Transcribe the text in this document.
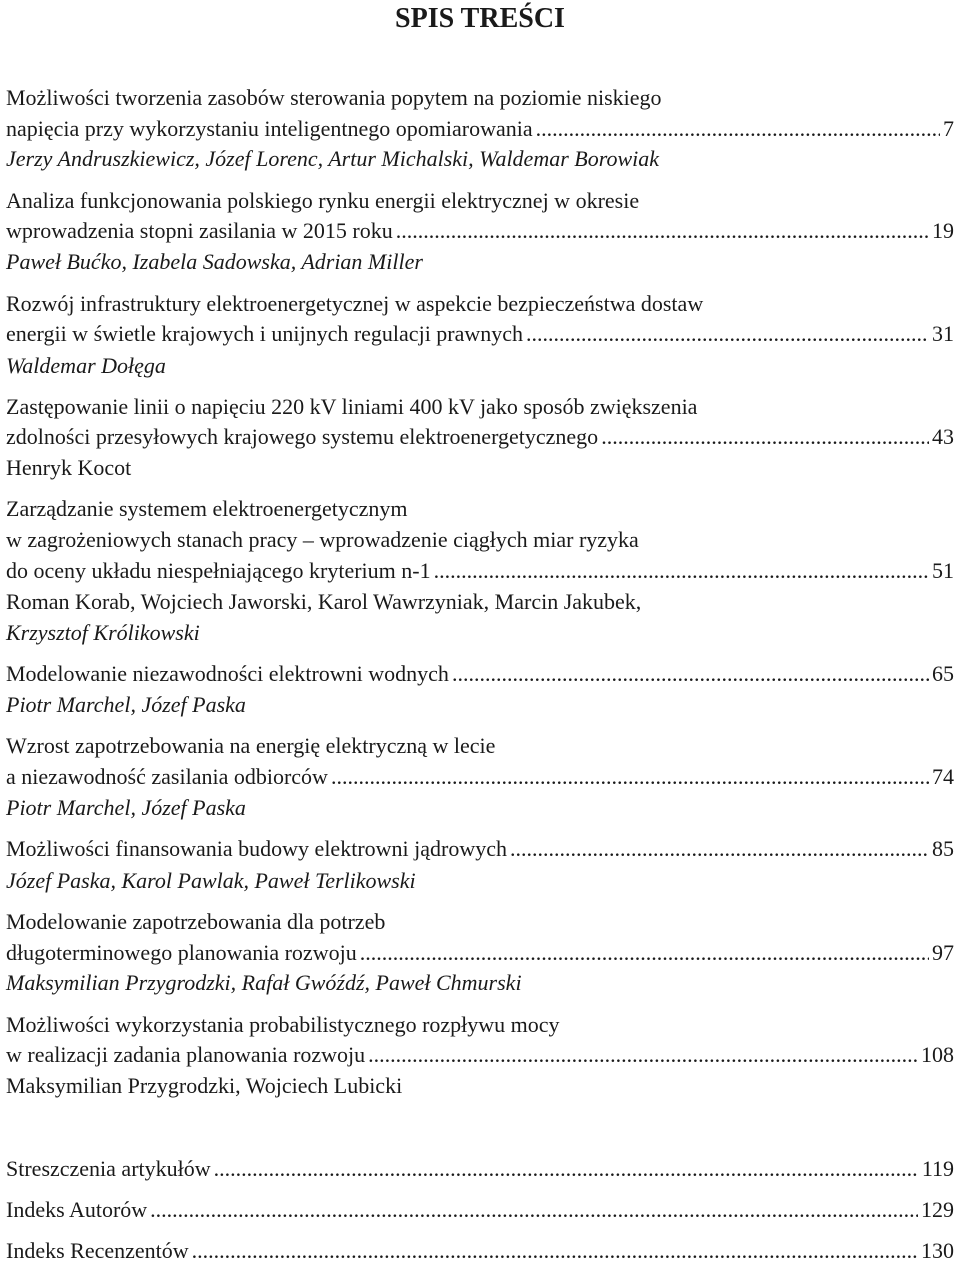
SPIS TREŚCI
Możliwości tworzenia zasobów sterowania popytem na poziomie niskiego
napięcia przy wykorzystaniu inteligentnego opomiarowania .....	7
Jerzy Andruszkiewicz, Józef Lorenc, Artur Michalski, Waldemar Borowiak
Analiza funkcjonowania polskiego rynku energii elektrycznej w okresie
wprowadzenia stopni zasilania w 2015 roku .....	19
Paweł Bućko, Izabela Sadowska, Adrian Miller
Rozwój infrastruktury elektroenergetycznej w aspekcie bezpieczeństwa dostaw
energii w świetle krajowych i unijnych regulacji prawnych .....	31
Waldemar Dołęga
Zastępowanie linii o napięciu 220 kV liniami 400 kV jako sposób zwiększenia
zdolności przesyłowych krajowego systemu elektroenergetycznego .....	43
Henryk Kocot
Zarządzanie systemem elektroenergetycznym
w zagrożeniowych stanach pracy – wprowadzenie ciągłych miar ryzyka
do oceny układu niespełniającego kryterium n-1 .....	51
Roman Korab, Wojciech Jaworski, Karol Wawrzyniak, Marcin Jakubek,
Krzysztof Królikowski
Modelowanie niezawodności elektrowni wodnych .....	65
Piotr Marchel, Józef Paska
Wzrost zapotrzebowania na energię elektryczną w lecie
a niezawodność zasilania odbiorców .....	74
Piotr Marchel, Józef Paska
Możliwości finansowania budowy elektrowni jądrowych .....	85
Józef Paska, Karol Pawlak, Paweł Terlikowski
Modelowanie zapotrzebowania dla potrzeb
długoterminowego planowania rozwoju .....	97
Maksymilian Przygrodzki, Rafał Gwóźdź, Paweł Chmurski
Możliwości wykorzystania probabilistycznego rozpływu mocy
w realizacji zadania planowania rozwoju .....	108
Maksymilian Przygrodzki, Wojciech Lubicki
Streszczenia artykułów .....	119
Indeks Autorów .....	129
Indeks Recenzentów .....	130
